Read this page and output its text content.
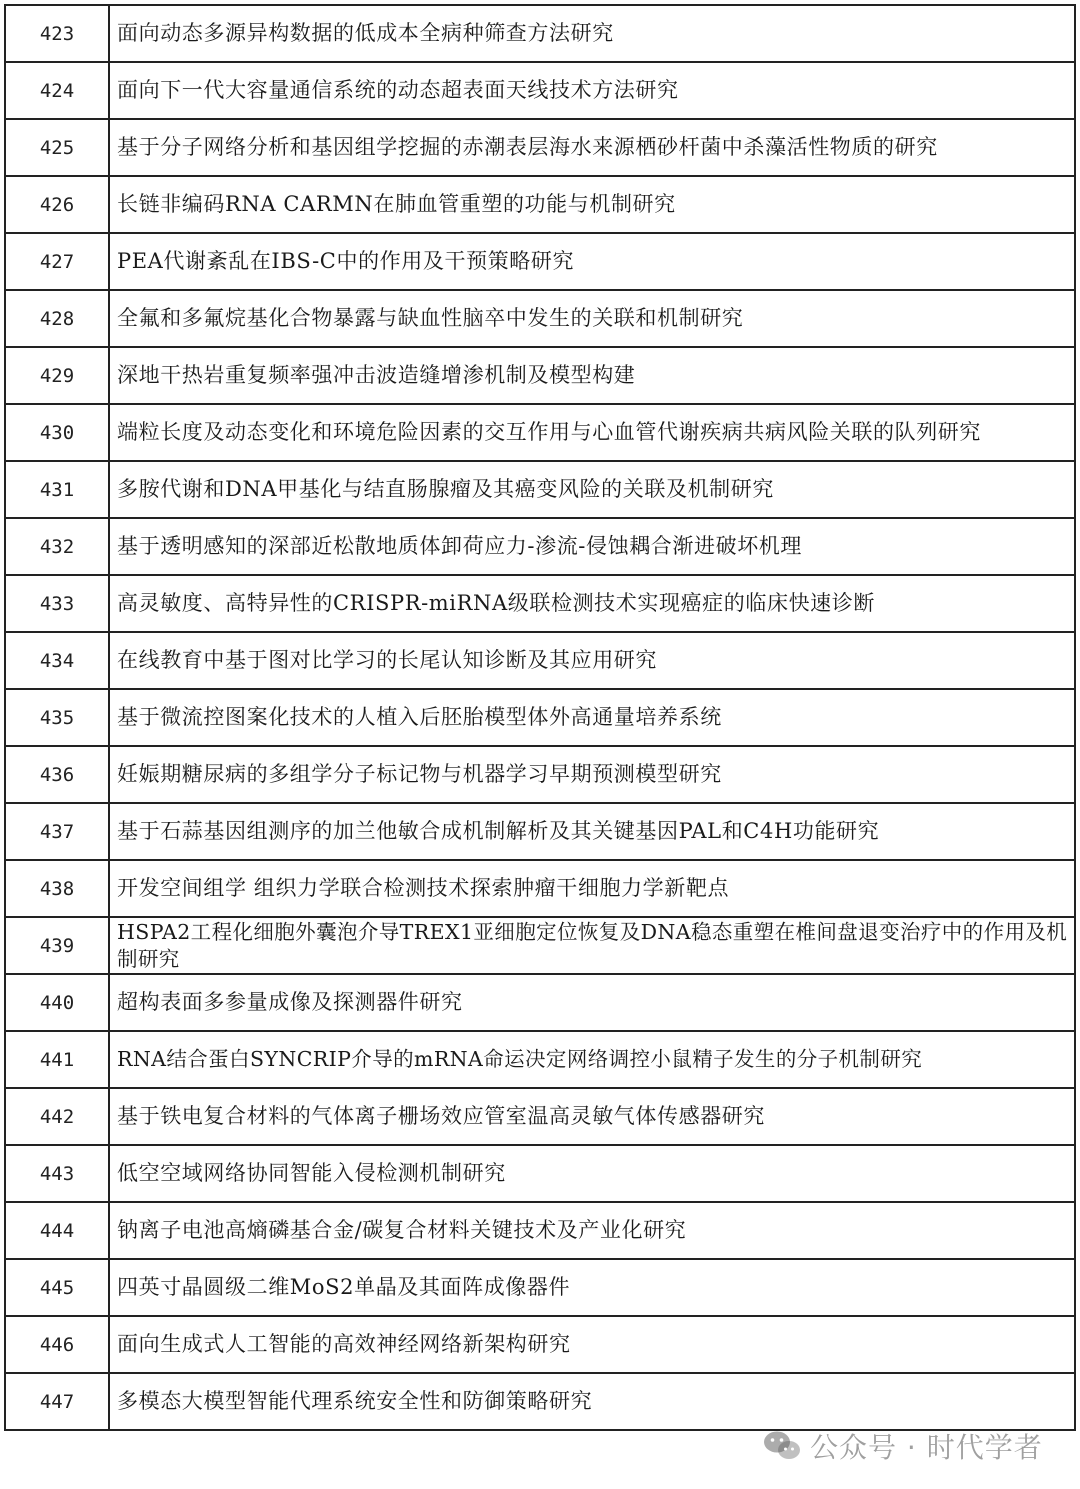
423	面向动态多源异构数据的低成本全病种筛查方法研究
424	面向下一代大容量通信系统的动态超表面天线技术方法研究
425	基于分子网络分析和基因组学挖掘的赤潮表层海水来源栖砂杆菌中杀藻活性物质的研究
426	长链非编码RNA CARMN在肺血管重塑的功能与机制研究
427	PEA代谢紊乱在IBS-C中的作用及干预策略研究
428	全氟和多氟烷基化合物暴露与缺血性脑卒中发生的关联和机制研究
429	深地干热岩重复频率强冲击波造缝增渗机制及模型构建
430	端粒长度及动态变化和环境危险因素的交互作用与心血管代谢疾病共病风险关联的队列研究
431	多胺代谢和DNA甲基化与结直肠腺瘤及其癌变风险的关联及机制研究
432	基于透明感知的深部近松散地质体卸荷应力-渗流-侵蚀耦合渐进破坏机理
433	高灵敏度、高特异性的CRISPR-miRNA级联检测技术实现癌症的临床快速诊断
434	在线教育中基于图对比学习的长尾认知诊断及其应用研究
435	基于微流控图案化技术的人植入后胚胎模型体外高通量培养系统
436	妊娠期糖尿病的多组学分子标记物与机器学习早期预测模型研究
437	基于石蒜基因组测序的加兰他敏合成机制解析及其关键基因PAL和C4H功能研究
438	开发空间组学 组织力学联合检测技术探索肿瘤干细胞力学新靶点
439	HSPA2工程化细胞外囊泡介导TREX1亚细胞定位恢复及DNA稳态重塑在椎间盘退变治疗中的作用及机制研究
440	超构表面多参量成像及探测器件研究
441	RNA结合蛋白SYNCRIP介导的mRNA命运决定网络调控小鼠精子发生的分子机制研究
442	基于铁电复合材料的气体离子栅场效应管室温高灵敏气体传感器研究
443	低空空域网络协同智能入侵检测机制研究
444	钠离子电池高熵磷基合金/碳复合材料关键技术及产业化研究
445	四英寸晶圆级二维MoS2单晶及其面阵成像器件
446	面向生成式人工智能的高效神经网络新架构研究
447	多模态大模型智能代理系统安全性和防御策略研究
公众号 · 时代学者
